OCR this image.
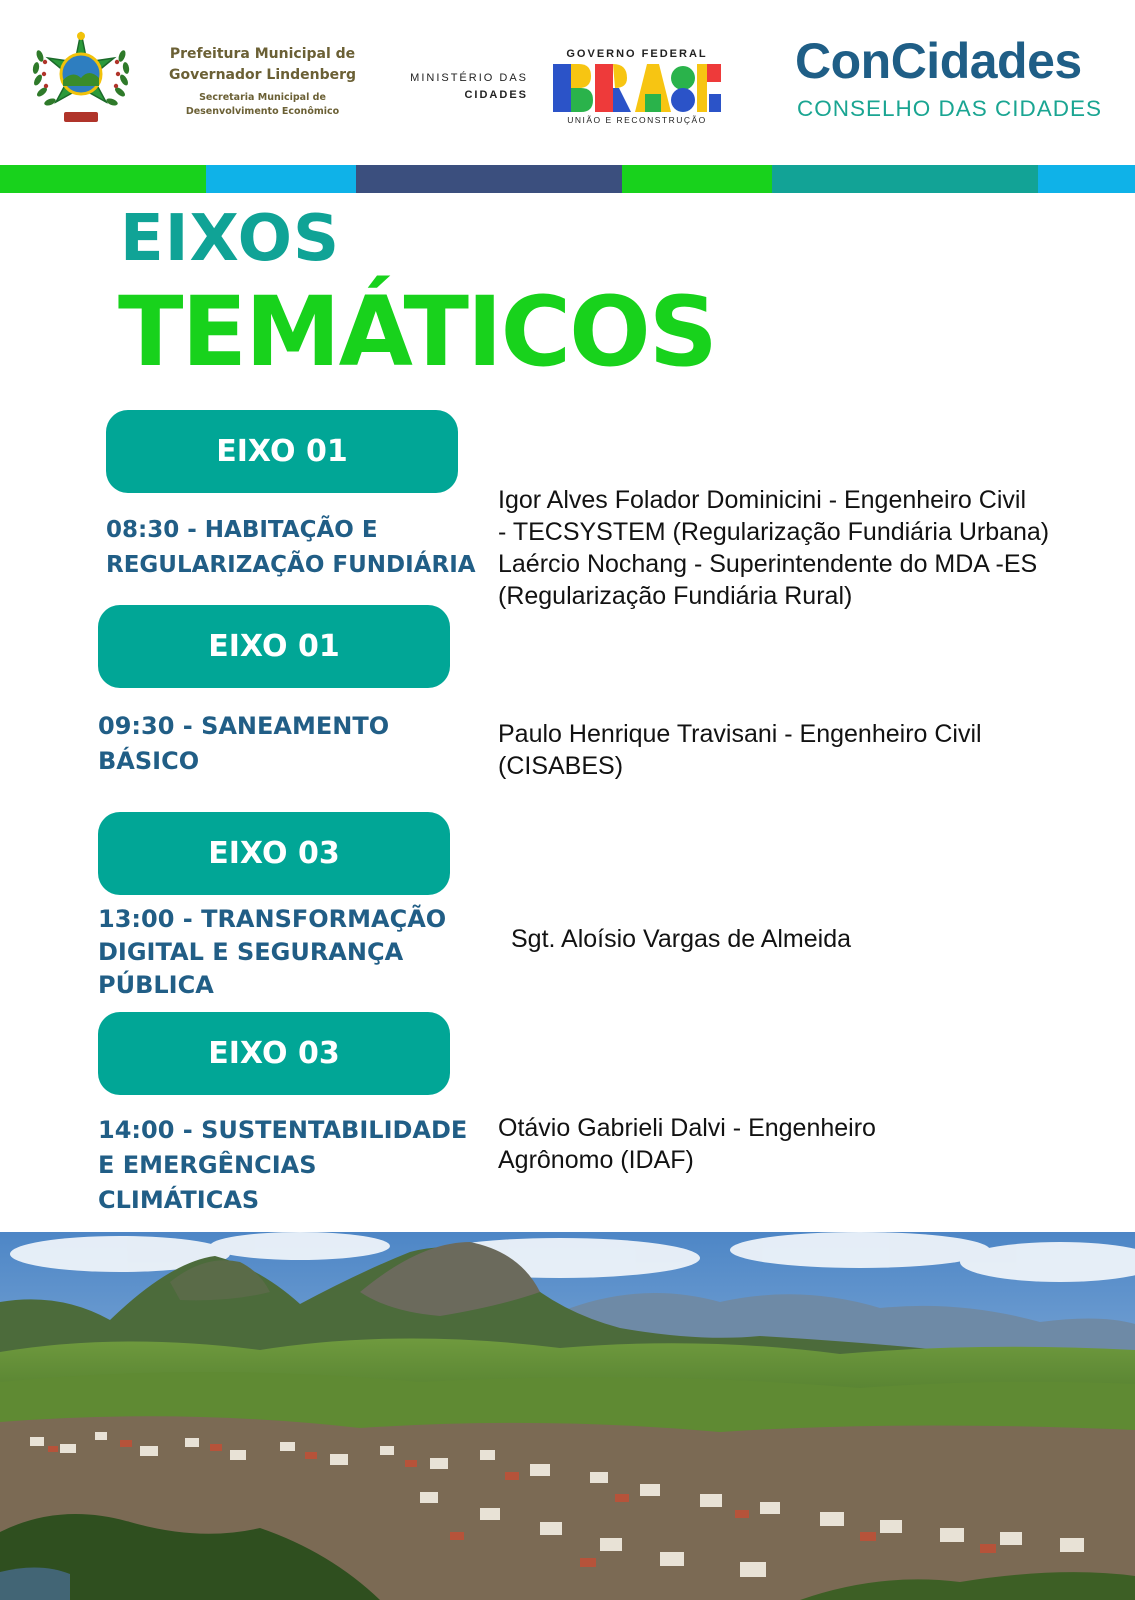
Prefeitura Municipal de
Governador Lindenberg
Secretaria Municipal de
Desenvolvimento Econômico
MINISTÉRIO DAS
CIDADES
GOVERNO FEDERAL
UNIÃO E RECONSTRUÇÃO
ConCidades
CONSELHO DAS CIDADES
EIXOS
TEMÁTICOS
EIXO 01
08:30 - HABITAÇÃO E
REGULARIZAÇÃO FUNDIÁRIA
Igor Alves Folador Dominicini - Engenheiro Civil
- TECSYSTEM (Regularização Fundiária Urbana)
Laércio Nochang - Superintendente do MDA -ES
(Regularização Fundiária Rural)
EIXO 01
09:30 - SANEAMENTO
BÁSICO
Paulo Henrique Travisani - Engenheiro Civil
(CISABES)
EIXO 03
13:00 - TRANSFORMAÇÃO
DIGITAL E SEGURANÇA
PÚBLICA
Sgt. Aloísio Vargas de Almeida
EIXO 03
14:00 - SUSTENTABILIDADE
E EMERGÊNCIAS
CLIMÁTICAS
Otávio Gabrieli Dalvi - Engenheiro
Agrônomo (IDAF)
